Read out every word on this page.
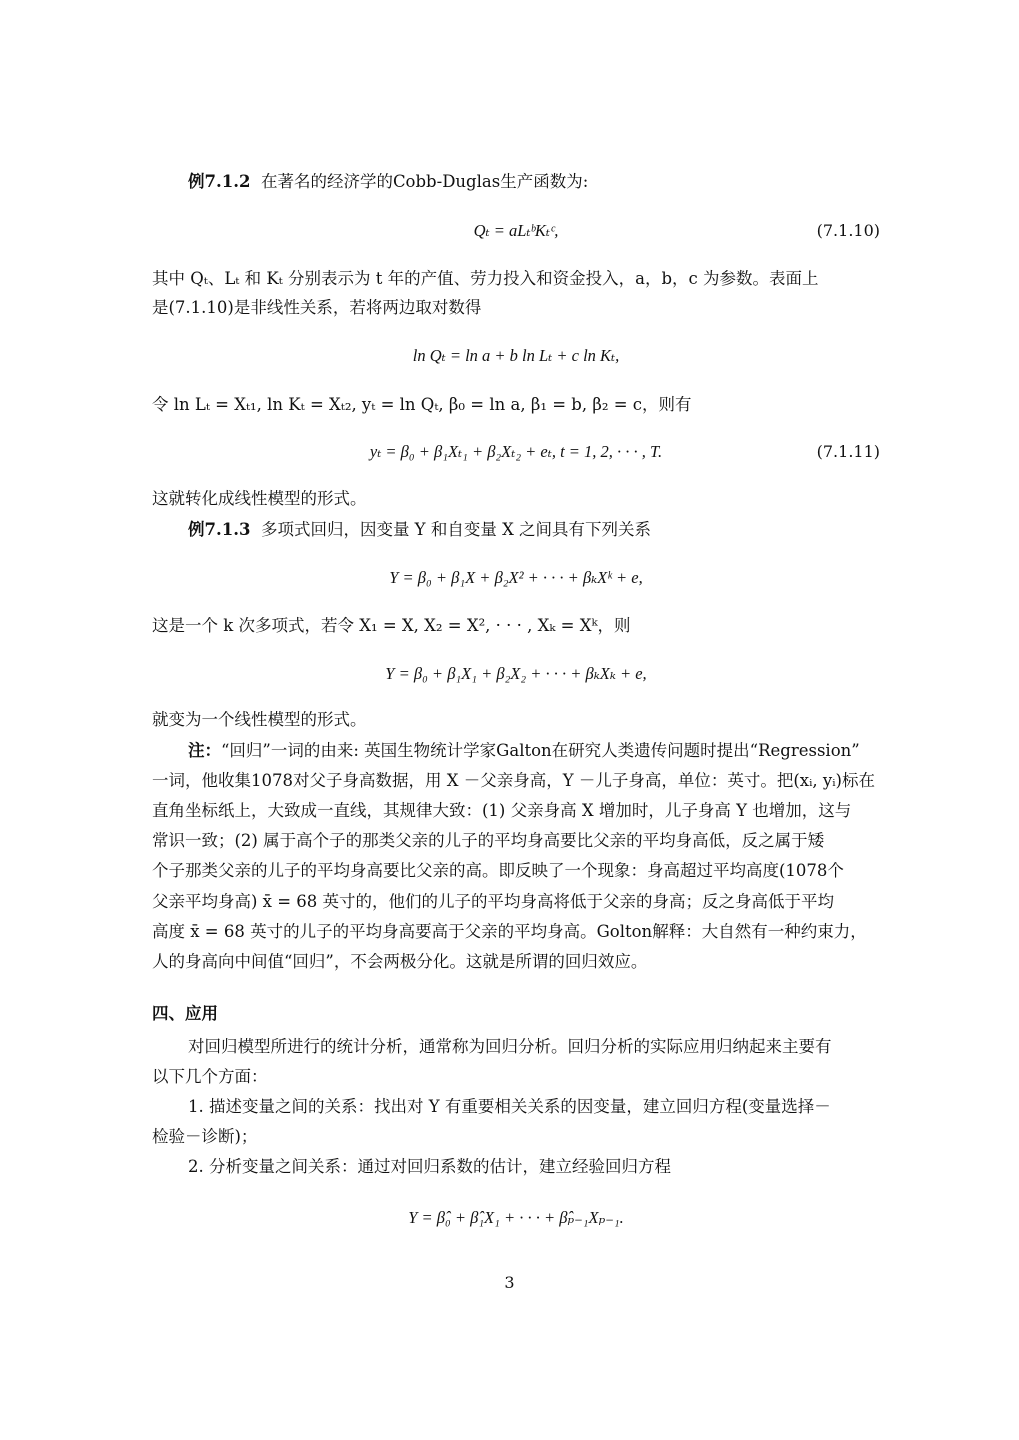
例7.1.2 在著名的经济学的Cobb-Duglas生产函数为:
Qₜ = aLₜᵇKₜᶜ,	(7.1.10)
其中 Qₜ、Lₜ 和 Kₜ 分别表示为 t 年的产值、劳力投入和资金投入，a，b，c 为参数。表面上
是(7.1.10)是非线性关系，若将两边取对数得
ln Qₜ = ln a + b ln Lₜ + c ln Kₜ,
令 ln Lₜ = Xₜ₁, ln Kₜ = Xₜ₂, yₜ = ln Qₜ, β₀ = ln a, β₁ = b, β₂ = c，则有
yₜ = β₀ + β₁Xₜ₁ + β₂Xₜ₂ + eₜ, t = 1, 2, · · · , T.	(7.1.11)
这就转化成线性模型的形式。
例7.1.3 多项式回归，因变量 Y 和自变量 X 之间具有下列关系
Y = β₀ + β₁X + β₂X² + · · · + βₖXᵏ + e,
这是一个 k 次多项式，若令 X₁ = X, X₂ = X², · · · , Xₖ = Xᵏ，则
Y = β₀ + β₁X₁ + β₂X₂ + · · · + βₖXₖ + e,
就变为一个线性模型的形式。
注：“回归”一词的由来: 英国生物统计学家Galton在研究人类遗传问题时提出“Regression”
一词，他收集1078对父子身高数据，用 X －父亲身高，Y －儿子身高，单位：英寸。把(xᵢ, yᵢ)标在
直角坐标纸上，大致成一直线，其规律大致：(1) 父亲身高 X 增加时，儿子身高 Y 也增加，这与
常识一致；(2) 属于高个子的那类父亲的儿子的平均身高要比父亲的平均身高低，反之属于矮
个子那类父亲的儿子的平均身高要比父亲的高。即反映了一个现象：身高超过平均高度(1078个
父亲平均身高) x̄ = 68 英寸的，他们的儿子的平均身高将低于父亲的身高；反之身高低于平均
高度 x̄ = 68 英寸的儿子的平均身高要高于父亲的平均身高。Golton解释：大自然有一种约束力，
人的身高向中间值“回归”，不会两极分化。这就是所谓的回归效应。
四、应用
对回归模型所进行的统计分析，通常称为回归分析。回归分析的实际应用归纳起来主要有
以下几个方面：
1. 描述变量之间的关系：找出对 Y 有重要相关关系的因变量，建立回归方程(变量选择－
检验－诊断)；
2. 分析变量之间关系：通过对回归系数的估计，建立经验回归方程
Y = β̂₀ + β̂₁X₁ + · · · + β̂ₚ₋₁Xₚ₋₁.
3
